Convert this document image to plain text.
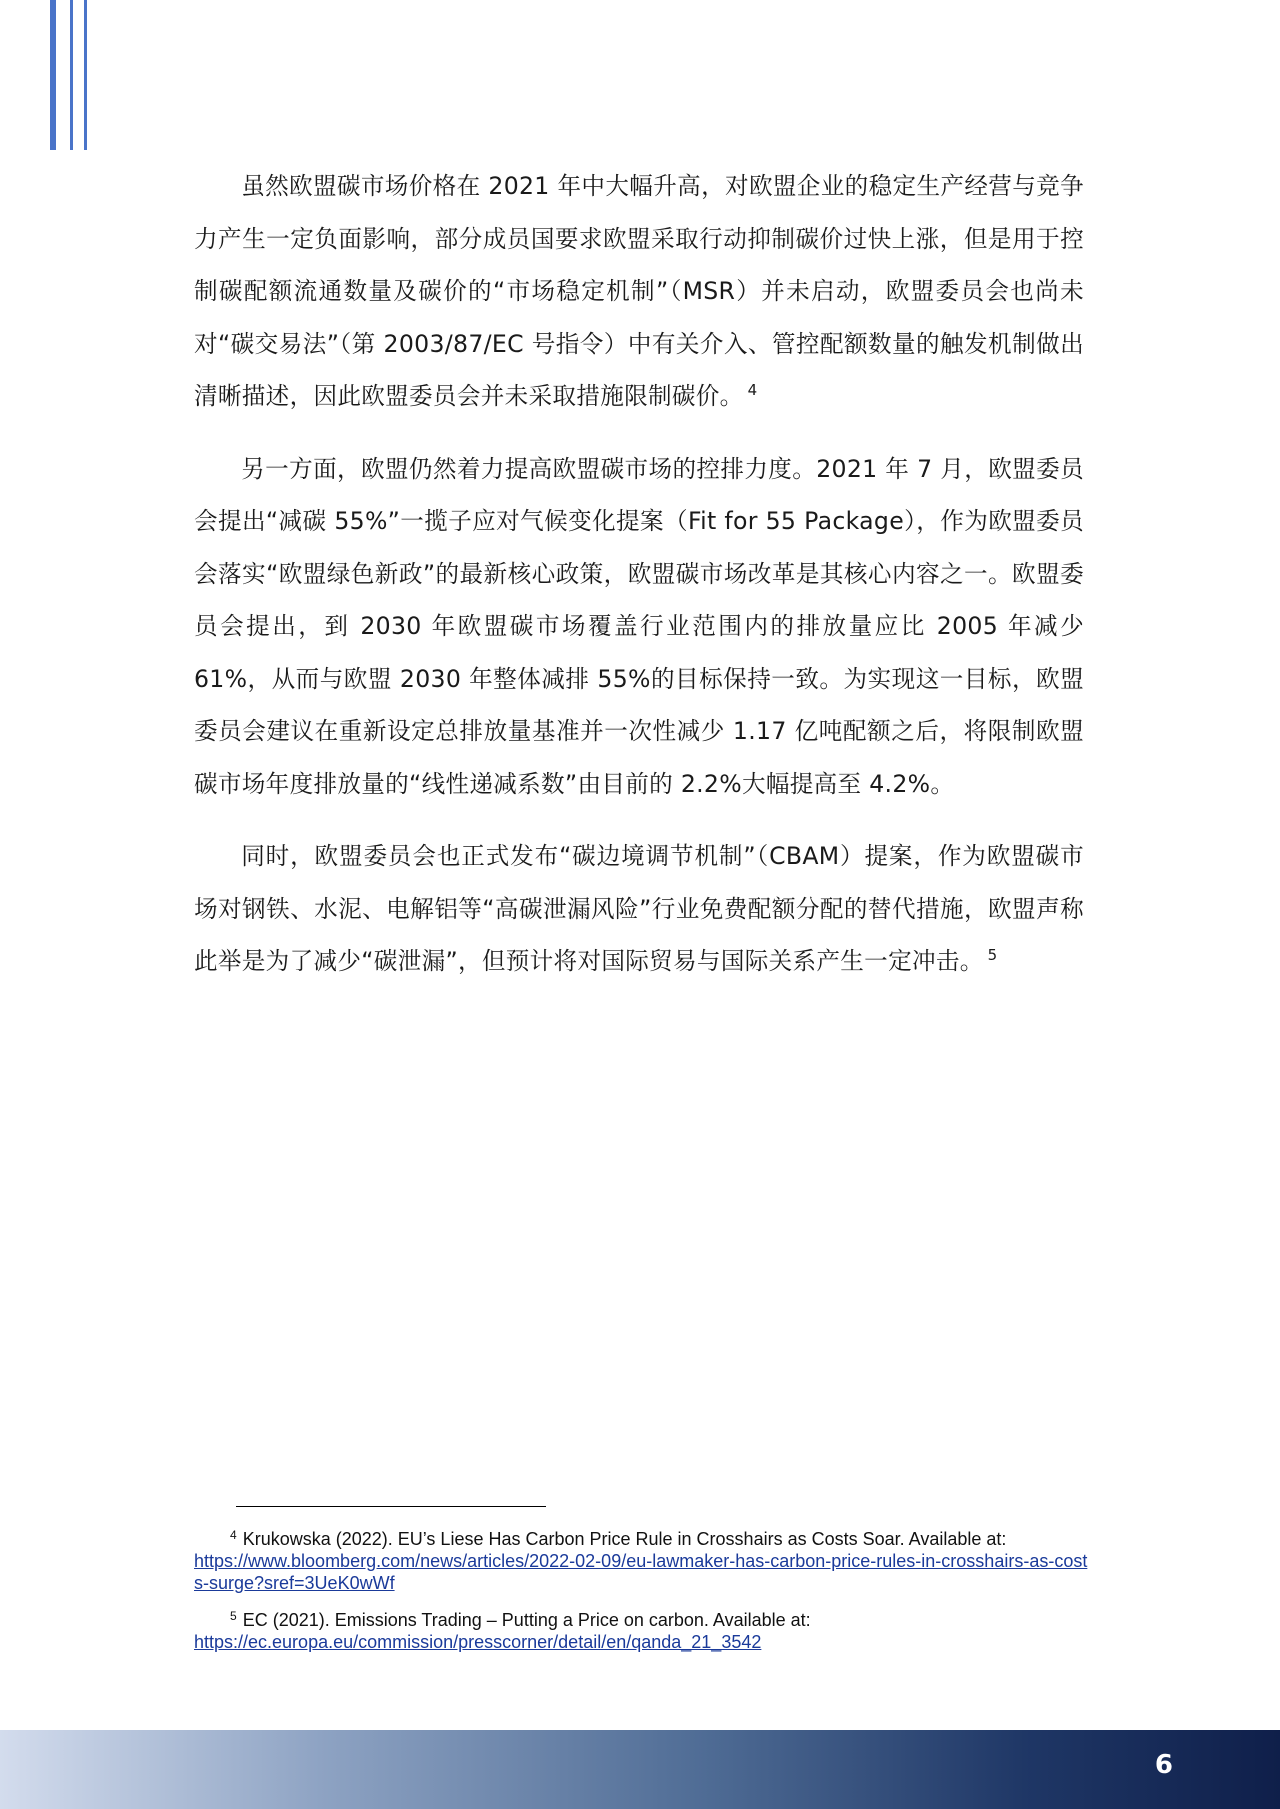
虽然欧盟碳市场价格在 2021 年中大幅升高，对欧盟企业的稳定生产经营与竞争力产生一定负面影响，部分成员国要求欧盟采取行动抑制碳价过快上涨，但是用于控制碳配额流通数量及碳价的“市场稳定机制”（MSR）并未启动，欧盟委员会也尚未对“碳交易法”（第 2003/87/EC 号指令）中有关介入、管控配额数量的触发机制做出清晰描述，因此欧盟委员会并未采取措施限制碳价。 $^4$

另一方面，欧盟仍然着力提高欧盟碳市场的控排力度。2021 年 7 月，欧盟委员会提出“减碳 55%”一揽子应对气候变化提案（Fit for 55 Package），作为欧盟委员会落实“欧盟绿色新政”的最新核心政策，欧盟碳市场改革是其核心内容之一。欧盟委员会提出，到 2030 年欧盟碳市场覆盖行业范围内的排放量应比 2005 年减少 61%，从而与欧盟 2030 年整体减排 55%的目标保持一致。为实现这一目标，欧盟委员会建议在重新设定总排放量基准并一次性减少 1.17 亿吨配额之后，将限制欧盟碳市场年度排放量的“线性递减系数”由目前的 2.2%大幅提高至 4.2%。

同时，欧盟委员会也正式发布“碳边境调节机制”（CBAM）提案，作为欧盟碳市场对钢铁、水泥、电解铝等“高碳泄漏风险”行业免费配额分配的替代措施，欧盟声称此举是为了减少“碳泄漏”，但预计将对国际贸易与国际关系产生一定冲击。 $^5$

$^4$ Krukowska (2022). EU’s Liese Has Carbon Price Rule in Crosshairs as Costs Soar. Available at:

https://www.bloomberg.com/news/articles/2022-02-09/eu-lawmaker-has-carbon-price-rules-in-crosshairs-as-costs-surge?sref=3UeK0wWf

$^5$ EC (2021). Emissions Trading – Putting a Price on carbon. Available at:

https://ec.europa.eu/commission/presscorner/detail/en/qanda_21_3542
6
